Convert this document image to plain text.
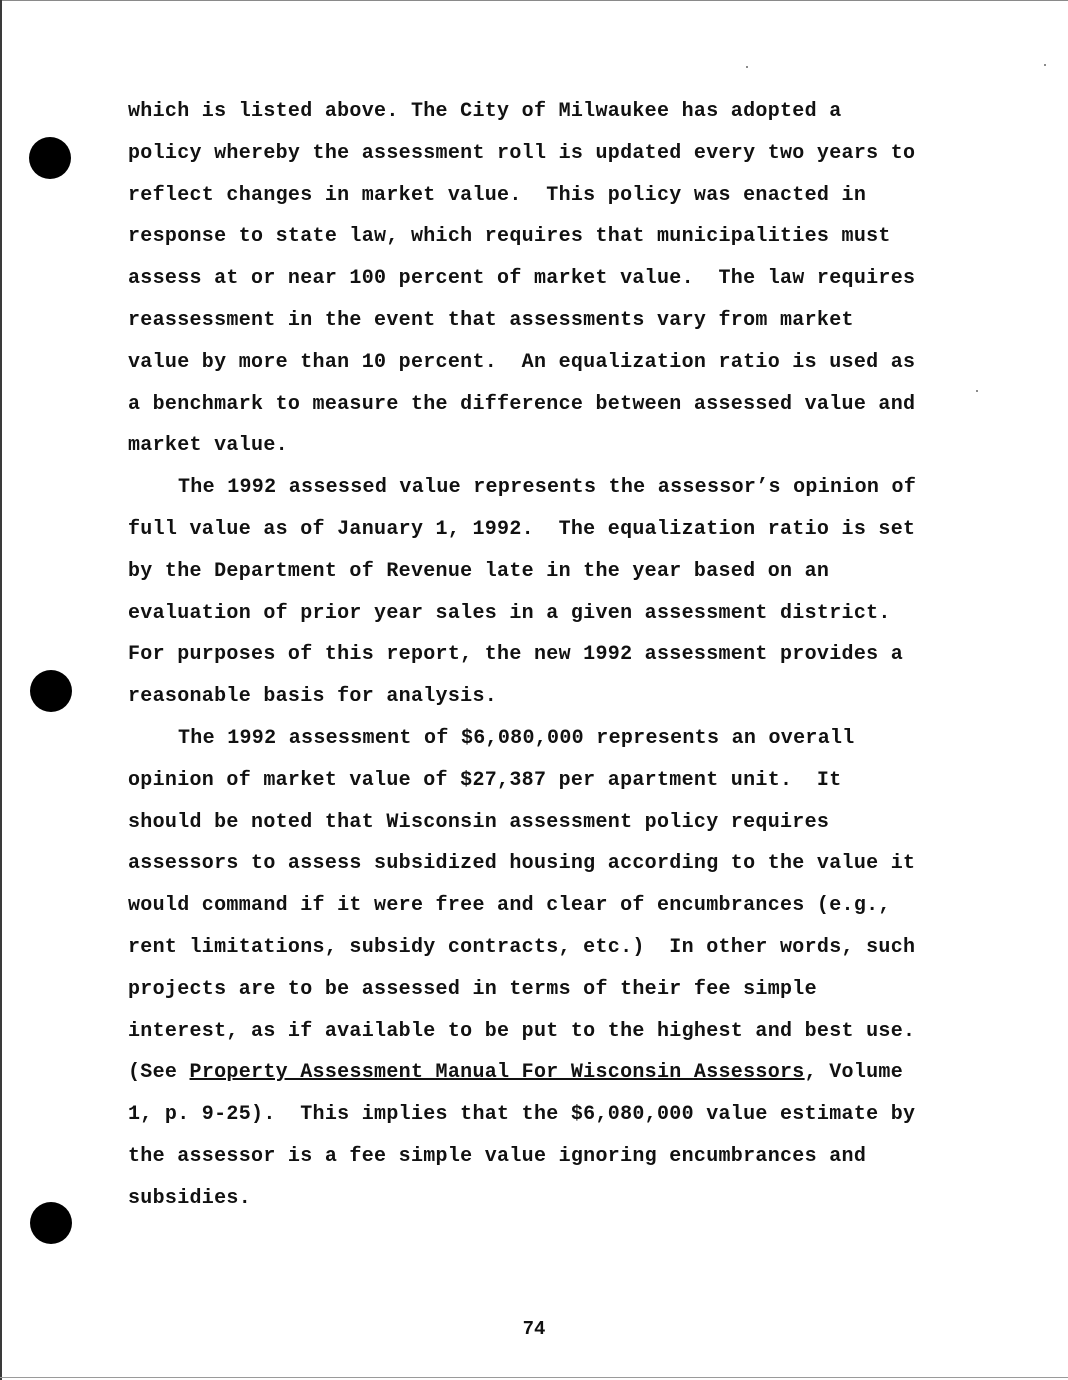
which is listed above. The City of Milwaukee has adopted a
policy whereby the assessment roll is updated every two years to
reflect changes in market value.  This policy was enacted in
response to state law, which requires that municipalities must
assess at or near 100 percent of market value.  The law requires
reassessment in the event that assessments vary from market
value by more than 10 percent.  An equalization ratio is used as
a benchmark to measure the difference between assessed value and
market value.
The 1992 assessed value represents the assessor’s opinion of
full value as of January 1, 1992.  The equalization ratio is set
by the Department of Revenue late in the year based on an
evaluation of prior year sales in a given assessment district.
For purposes of this report, the new 1992 assessment provides a
reasonable basis for analysis.
The 1992 assessment of $6,080,000 represents an overall
opinion of market value of $27,387 per apartment unit.  It
should be noted that Wisconsin assessment policy requires
assessors to assess subsidized housing according to the value it
would command if it were free and clear of encumbrances (e.g.,
rent limitations, subsidy contracts, etc.)  In other words, such
projects are to be assessed in terms of their fee simple
interest, as if available to be put to the highest and best use.
(See Property Assessment Manual For Wisconsin Assessors, Volume
1, p. 9-25).  This implies that the $6,080,000 value estimate by
the assessor is a fee simple value ignoring encumbrances and
subsidies.
74
